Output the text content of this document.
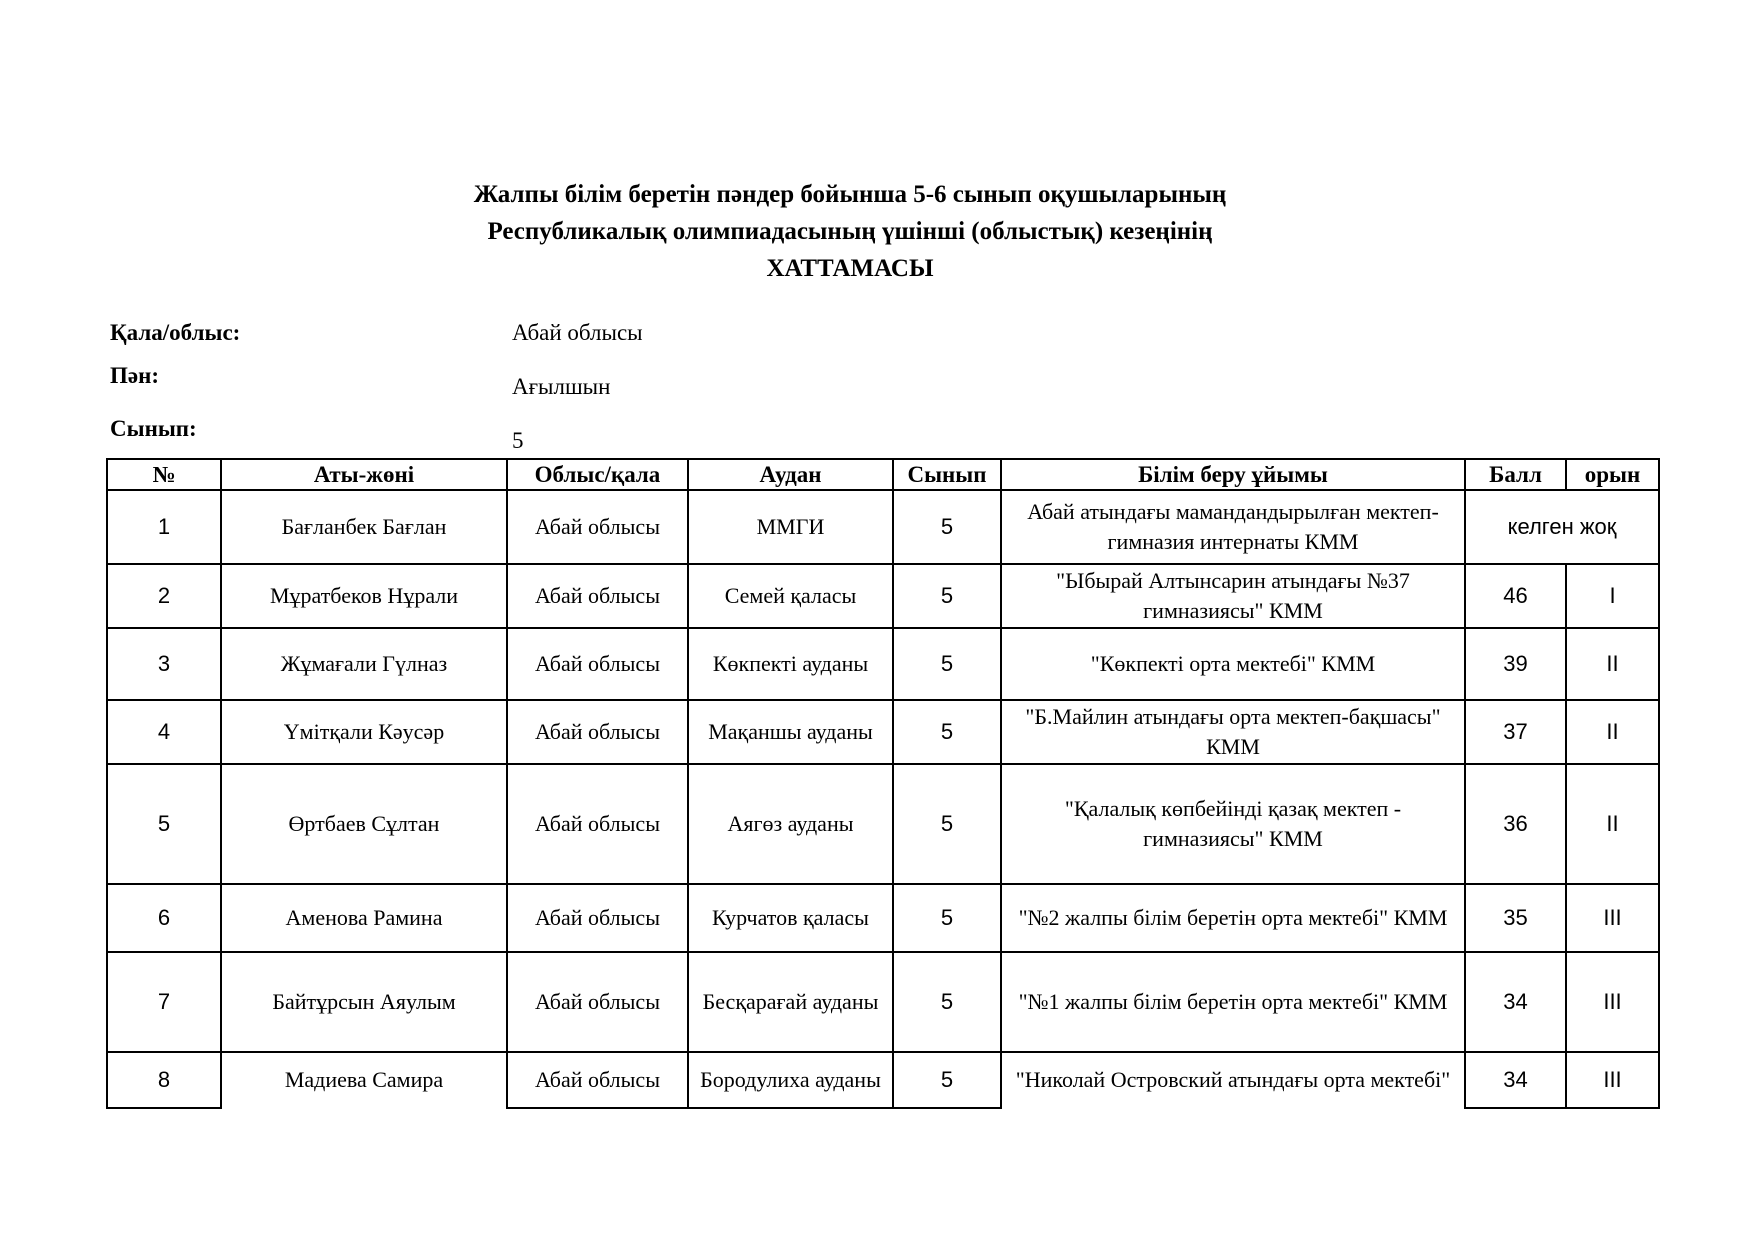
Жалпы білім беретін пәндер бойынша 5-6 сынып оқушыларының
Республикалық олимпиадасының үшінші (облыстық) кезеңінің
ХАТТАМАСЫ
Қала/облыс:	Абай облысы
Пән:	Ағылшын
Сынып:	5
№	Аты-жөні	Облыс/қала	Аудан	Сынып	Білім беру ұйымы	Балл	орын
1	Бағланбек Бағлан	Абай облысы	ММГИ	5	Абай атындағы мамандандырылған мектеп-гимназия интернаты КММ	келген жоқ	
2	Мұратбеков Нұрали	Абай облысы	Семей қаласы	5	"Ыбырай Алтынсарин атындағы №37 гимназиясы" КММ	46	I
3	Жұмағали Гүлназ	Абай облысы	Көкпекті ауданы	5	"Көкпекті орта мектебі" КММ	39	II
4	Үмітқали Кәусәр	Абай облысы	Мақаншы ауданы	5	"Б.Майлин атындағы орта мектеп-бақшасы" КММ	37	II
5	Өртбаев Сұлтан	Абай облысы	Аягөз ауданы	5	"Қалалық көпбейінді қазақ мектеп - гимназиясы" КММ	36	II
6	Аменова Рамина	Абай облысы	Курчатов қаласы	5	"№2 жалпы білім беретін орта мектебі" КММ	35	III
7	Байтұрсын Аяулым	Абай облысы	Бесқарағай ауданы	5	"№1 жалпы білім беретін орта мектебі" КММ	34	III
8	Мадиева Самира	Абай облысы	Бородулиха ауданы	5	"Николай Островский атындағы орта мектебі"	34	III
